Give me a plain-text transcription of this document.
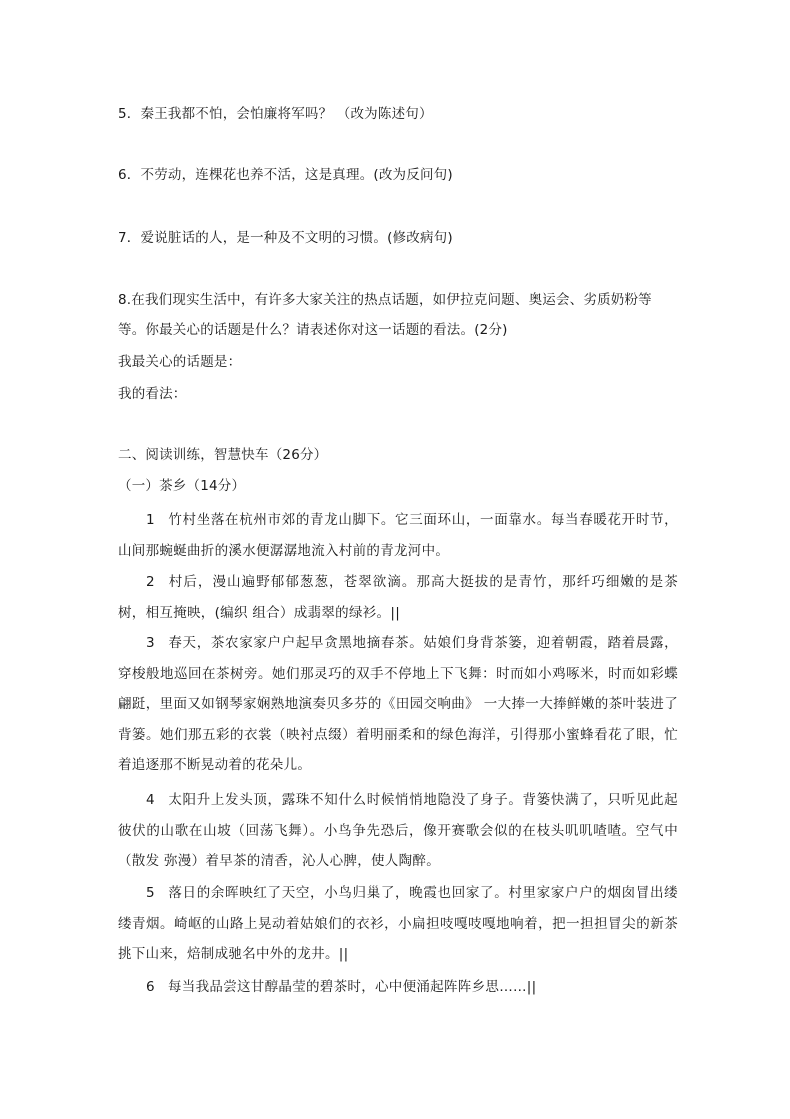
5．秦王我都不怕，会怕廉将军吗？ （改为陈述句）
6．不劳动，连棵花也养不活，这是真理。(改为反问句)
7．爱说脏话的人，是一种及不文明的习惯。(修改病句)
8.在我们现实生活中，有许多大家关注的热点话题，如伊拉克问题、奥运会、劣质奶粉等
等。你最关心的话题是什么？请表述你对这一话题的看法。(2分)
我最关心的话题是：
我的看法：
二、阅读训练，智慧快车（26分）
（一）茶乡（14分）
1 竹村坐落在杭州市郊的青龙山脚下。它三面环山，一面靠水。每当春暖花开时节，山间那蜿蜒曲折的溪水便潺潺地流入村前的青龙河中。
2 村后，漫山遍野郁郁葱葱，苍翠欲滴。那高大挺拔的是青竹，那纤巧细嫩的是茶树，相互掩映，(编织 组合）成翡翠的绿衫。||
3 春天，茶农家家户户起早贪黑地摘春茶。姑娘们身背茶篓，迎着朝霞，踏着晨露，穿梭般地巡回在茶树旁。她们那灵巧的双手不停地上下飞舞：时而如小鸡啄米，时而如彩蝶翩跹，里面又如钢琴家娴熟地演奏贝多芬的《田园交响曲》 一大捧一大捧鲜嫩的茶叶装进了背篓。她们那五彩的衣裳（映衬点缀）着明丽柔和的绿色海洋，引得那小蜜蜂看花了眼，忙着追逐那不断晃动着的花朵儿。
4 太阳升上发头顶，露珠不知什么时候悄悄地隐没了身子。背篓快满了，只听见此起彼伏的山歌在山坡（回荡飞舞）。小鸟争先恐后，像开赛歌会似的在枝头叽叽喳喳。空气中（散发 弥漫）着早茶的清香，沁人心脾，使人陶醉。
5 落日的余晖映红了天空，小鸟归巢了，晚霞也回家了。村里家家户户的烟囱冒出缕缕青烟。崎岖的山路上晃动着姑娘们的衣衫，小扁担吱嘎吱嘎地响着，把一担担冒尖的新茶挑下山来，焙制成驰名中外的龙井。||
6 每当我品尝这甘醇晶莹的碧茶时，心中便涌起阵阵乡思……||
